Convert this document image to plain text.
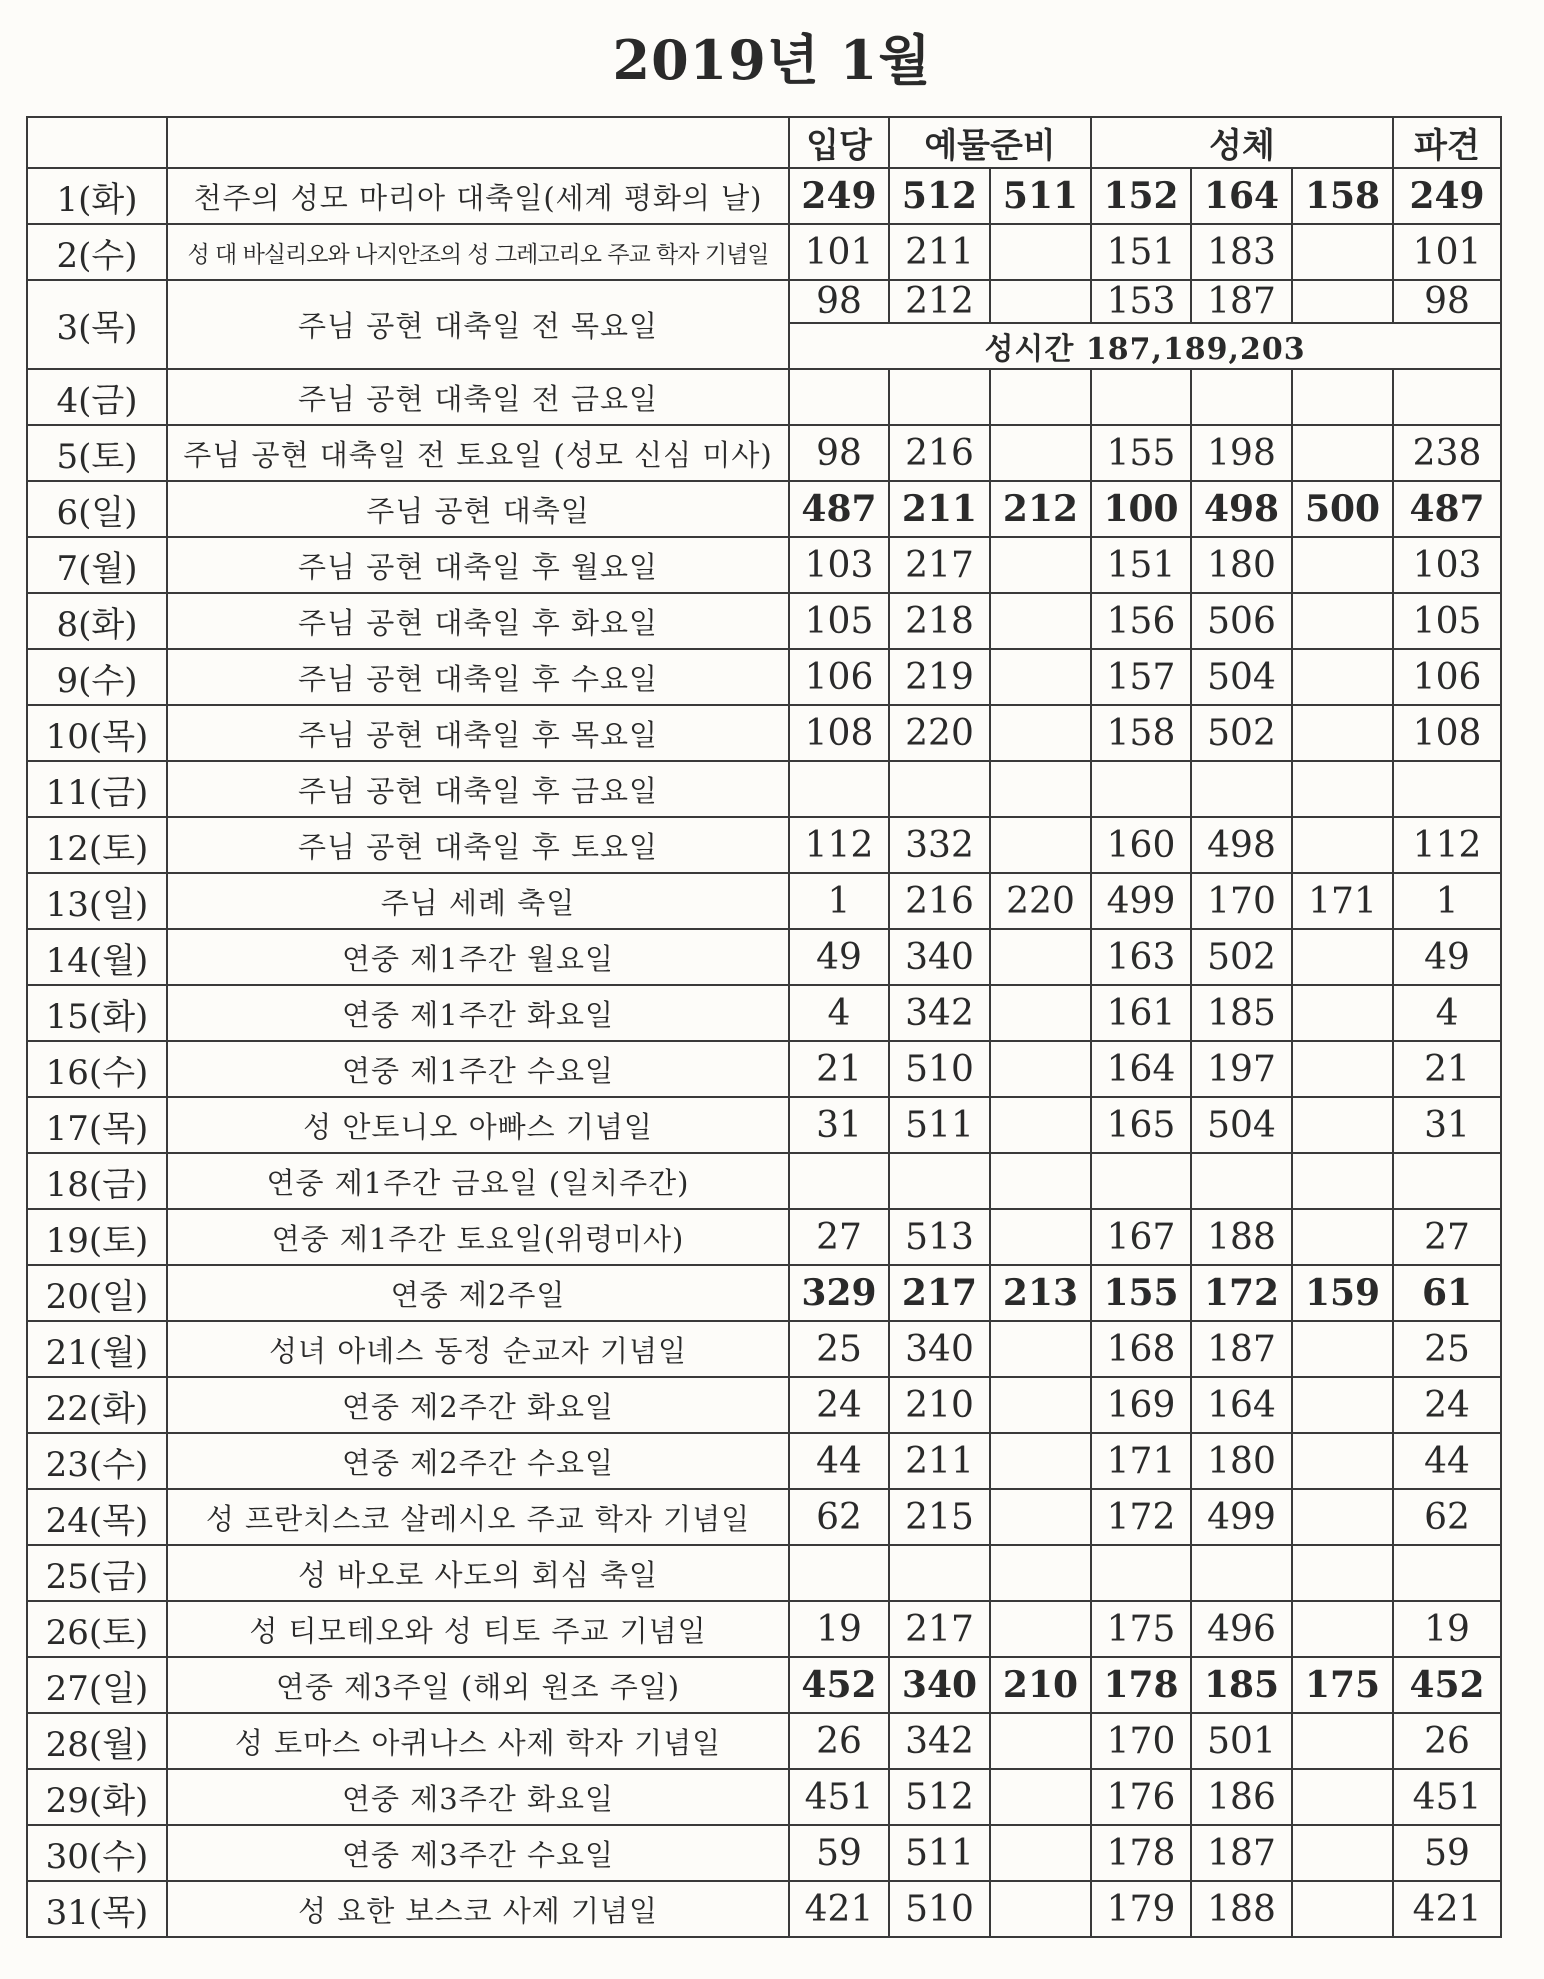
2019년 1월
		입당	예물준비		성체			파견
1(화)	천주의 성모 마리아 대축일(세계 평화의 날)	249	512	511	152	164	158	249
2(수)	성 대 바실리오와 나지안조의 성 그레고리오 주교 학자 기념일	101	211		151	183		101
3(목)	주님 공현 대축일 전 목요일	98	212		153	187		98
		성시간 187,189,203						
4(금)	주님 공현 대축일 전 금요일							
5(토)	주님 공현 대축일 전 토요일 (성모 신심 미사)	98	216		155	198		238
6(일)	주님 공현 대축일	487	211	212	100	498	500	487
7(월)	주님 공현 대축일 후 월요일	103	217		151	180		103
8(화)	주님 공현 대축일 후 화요일	105	218		156	506		105
9(수)	주님 공현 대축일 후 수요일	106	219		157	504		106
10(목)	주님 공현 대축일 후 목요일	108	220		158	502		108
11(금)	주님 공현 대축일 후 금요일							
12(토)	주님 공현 대축일 후 토요일	112	332		160	498		112
13(일)	주님 세례 축일	1	216	220	499	170	171	1
14(월)	연중 제1주간 월요일	49	340		163	502		49
15(화)	연중 제1주간 화요일	4	342		161	185		4
16(수)	연중 제1주간 수요일	21	510		164	197		21
17(목)	성 안토니오 아빠스 기념일	31	511		165	504		31
18(금)	연중 제1주간 금요일 (일치주간)							
19(토)	연중 제1주간 토요일(위령미사)	27	513		167	188		27
20(일)	연중 제2주일	329	217	213	155	172	159	61
21(월)	성녀 아녜스 동정 순교자 기념일	25	340		168	187		25
22(화)	연중 제2주간 화요일	24	210		169	164		24
23(수)	연중 제2주간 수요일	44	211		171	180		44
24(목)	성 프란치스코 살레시오 주교 학자 기념일	62	215		172	499		62
25(금)	성 바오로 사도의 회심 축일							
26(토)	성 티모테오와 성 티토 주교 기념일	19	217		175	496		19
27(일)	연중 제3주일 (해외 원조 주일)	452	340	210	178	185	175	452
28(월)	성 토마스 아퀴나스 사제 학자 기념일	26	342		170	501		26
29(화)	연중 제3주간 화요일	451	512		176	186		451
30(수)	연중 제3주간 수요일	59	511		178	187		59
31(목)	성 요한 보스코 사제 기념일	421	510		179	188		421
